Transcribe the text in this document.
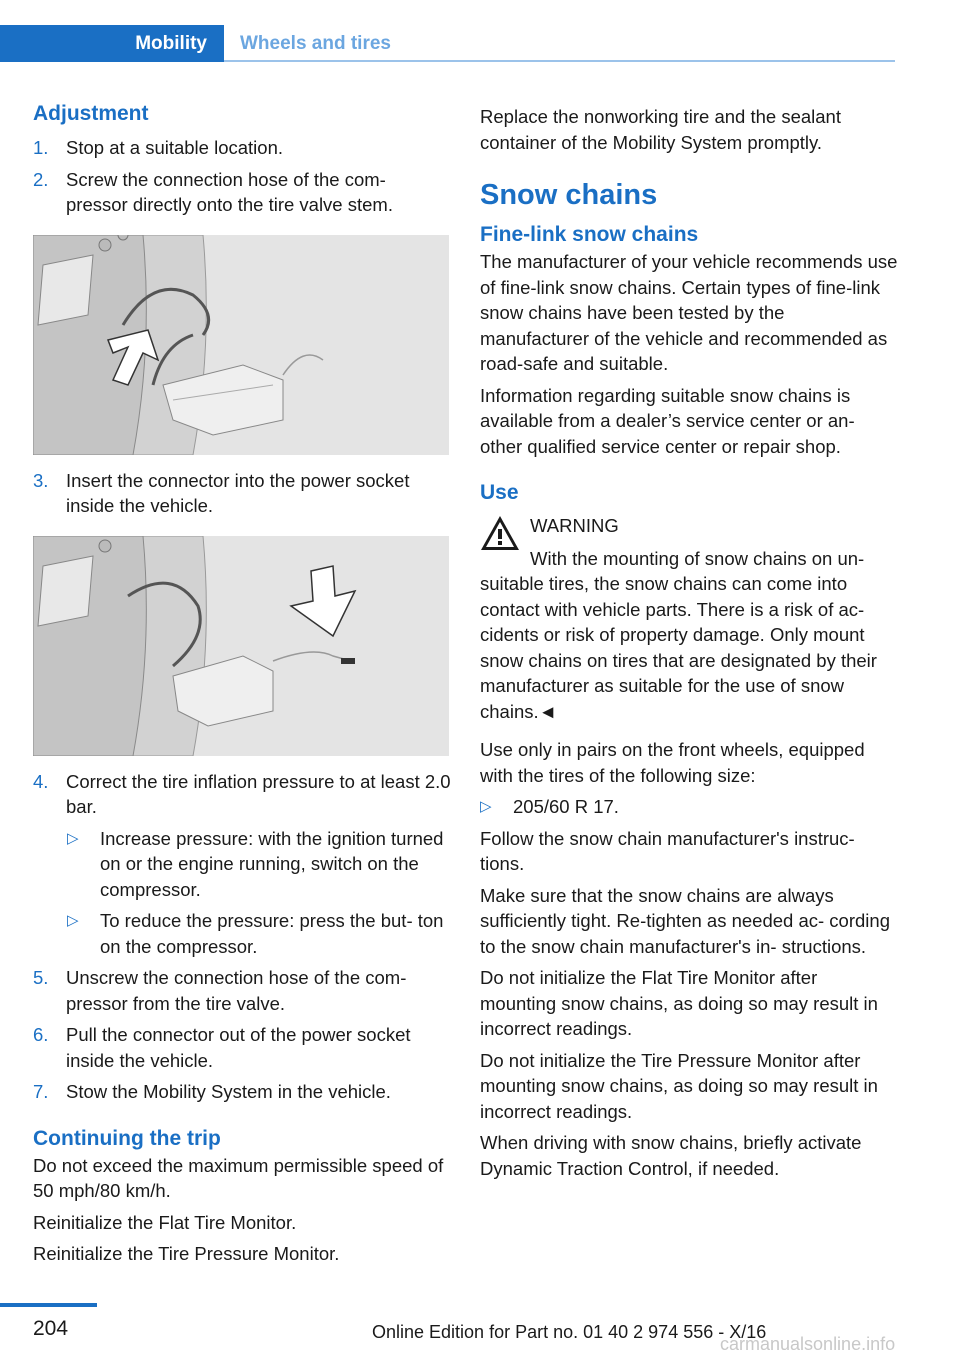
Mobility	Wheels and tires
Adjustment
1. Stop at a suitable location.
2. Screw the connection hose of the com‐ pressor directly onto the tire valve stem.
3. Insert the connector into the power socket inside the vehicle.
4. Correct the tire inflation pressure to at least 2.0 bar.
▷ Increase pressure: with the ignition turned on or the engine running, switch on the compressor.
▷ To reduce the pressure: press the but‐ ton on the compressor.
5. Unscrew the connection hose of the com‐ pressor from the tire valve.
6. Pull the connector out of the power socket inside the vehicle.
7. Stow the Mobility System in the vehicle.
Continuing the trip

Do not exceed the maximum permissible speed of 50 mph/80 km/h.

Reinitialize the Flat Tire Monitor.

Reinitialize the Tire Pressure Monitor.

Replace the nonworking tire and the sealant container of the Mobility System promptly.

Snow chains
Fine-link snow chains

The manufacturer of your vehicle recommends use of fine-link snow chains. Certain types of fine-link snow chains have been tested by the manufacturer of the vehicle and recommended as road-safe and suitable.

Information regarding suitable snow chains is available from a dealer’s service center or an‐ other qualified service center or repair shop.

Use

WARNING

With the mounting of snow chains on un‐

suitable tires, the snow chains can come into contact with vehicle parts. There is a risk of ac‐ cidents or risk of property damage. Only mount snow chains on tires that are designated by their manufacturer as suitable for the use of snow chains.◄

Use only in pairs on the front wheels, equipped with the tires of the following size:

▷ 205/60 R 17.

Follow the snow chain manufacturer's instruc‐ tions.

Make sure that the snow chains are always sufficiently tight. Re-tighten as needed ac‐ cording to the snow chain manufacturer's in‐ structions.

Do not initialize the Flat Tire Monitor after mounting snow chains, as doing so may result in incorrect readings.

Do not initialize the Tire Pressure Monitor after mounting snow chains, as doing so may result in incorrect readings.

When driving with snow chains, briefly activate Dynamic Traction Control, if needed.

204	Online Edition for Part no. 01 40 2 974 556 - X/16
carmanualsonline.info
